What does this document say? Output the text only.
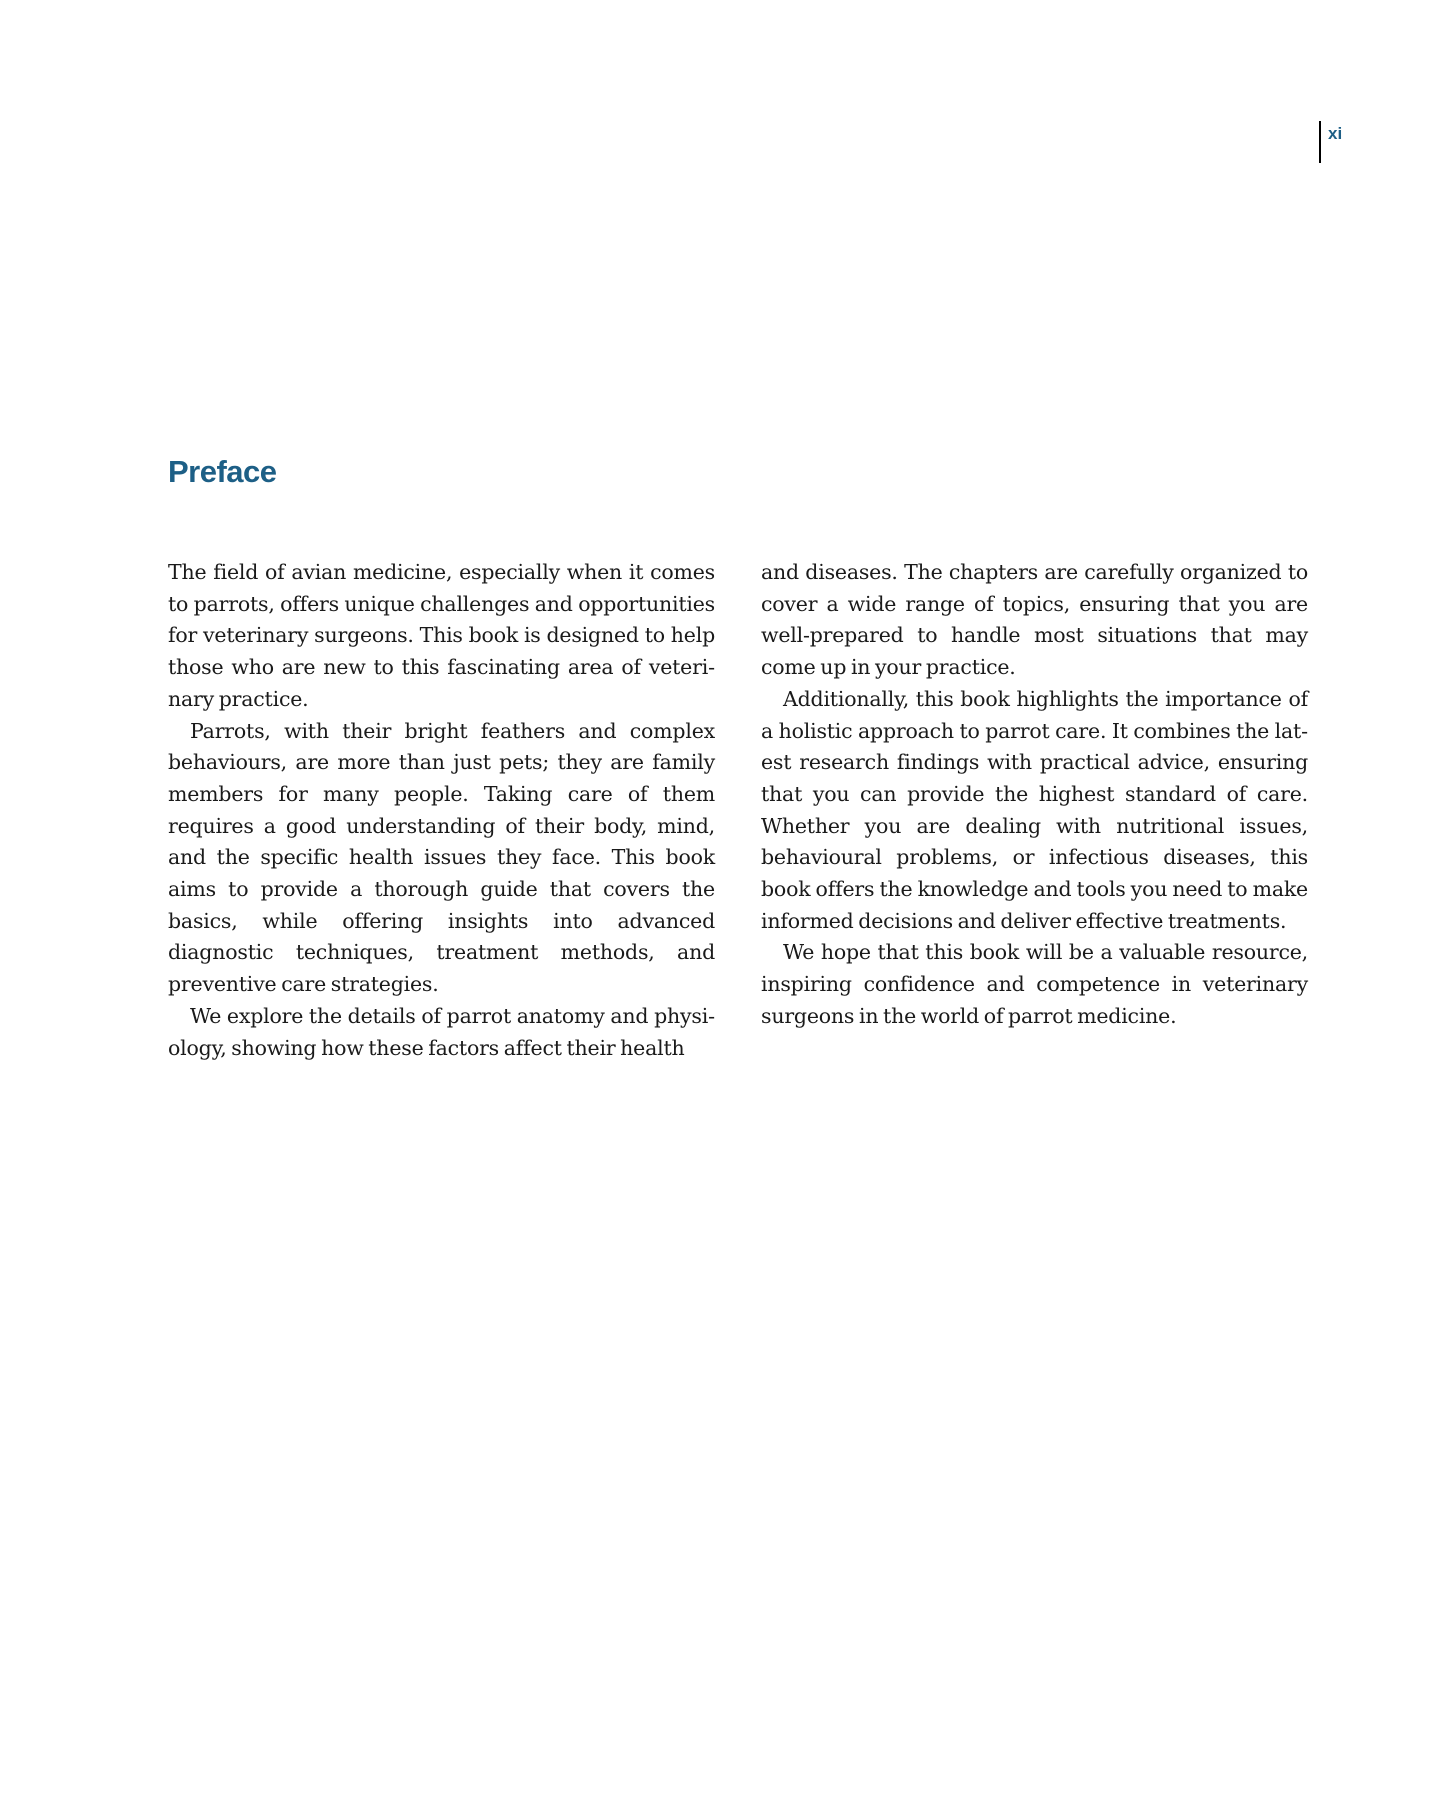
xi
Preface

The field of avian medicine, especially when it comes to parrots, offers unique challenges and opportunities for veterinary surgeons. This book is designed to help those who are new to this fascinating area of veterinary practice.

Parrots, with their bright feathers and complex behaviours, are more than just pets; they are family members for many people. Taking care of them requires a good understanding of their body, mind, and the specific health issues they face. This book aims to provide a thorough guide that covers the basics, while offering insights into advanced diagnostic techniques, treatment methods, and preventive care strategies.

We explore the details of parrot anatomy and physiology, showing how these factors affect their health

and diseases. The chapters are carefully organized to cover a wide range of topics, ensuring that you are well-prepared to handle most situations that may come up in your practice.

Additionally, this book highlights the importance of a holistic approach to parrot care. It combines the latest research findings with practical advice, ensuring that you can provide the highest standard of care. Whether you are dealing with nutritional issues, behavioural problems, or infectious diseases, this book offers the knowledge and tools you need to make informed decisions and deliver effective treatments.

We hope that this book will be a valuable resource, inspiring confidence and competence in veterinary surgeons in the world of parrot medicine.
